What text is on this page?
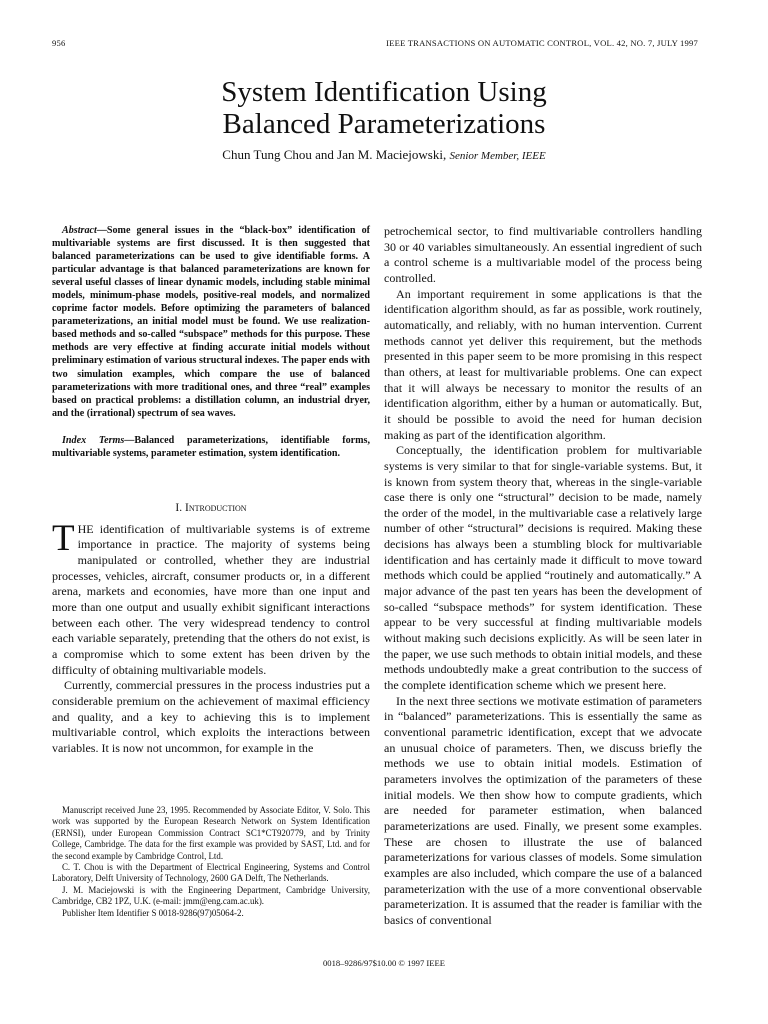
956	IEEE TRANSACTIONS ON AUTOMATIC CONTROL, VOL. 42, NO. 7, JULY 1997
System Identification Using
Balanced Parameterizations
Chun Tung Chou and Jan M. Maciejowski, Senior Member, IEEE

Abstract—Some general issues in the “black-box” identification of multivariable systems are first discussed. It is then suggested that balanced parameterizations can be used to give identifiable forms. A particular advantage is that balanced parameterizations are known for several useful classes of linear dynamic models, including stable minimal models, minimum-phase models, positive-real models, and normalized coprime factor models. Before optimizing the parameters of balanced parameterizations, an initial model must be found. We use realization-based methods and so-called “subspace” methods for this purpose. These methods are very effective at finding accurate initial models without preliminary estimation of various structural indexes. The paper ends with two simulation examples, which compare the use of balanced parameterizations with more traditional ones, and three “real” examples based on practical problems: a distillation column, an industrial dryer, and the (irrational) spectrum of sea waves.

Index Terms—Balanced parameterizations, identifiable forms, multivariable systems, parameter estimation, system identification.

I. Introduction

THE identification of multivariable systems is of extreme importance in practice. The majority of systems being manipulated or controlled, whether they are industrial processes, vehicles, aircraft, consumer products or, in a different arena, markets and economies, have more than one input and more than one output and usually exhibit significant interactions between each other. The very widespread tendency to control each variable separately, pretending that the others do not exist, is a compromise which to some extent has been driven by the difficulty of obtaining multivariable models.

Currently, commercial pressures in the process industries put a considerable premium on the achievement of maximal efficiency and quality, and a key to achieving this is to implement multivariable control, which exploits the interactions between variables. It is now not uncommon, for example in the

petrochemical sector, to find multivariable controllers handling 30 or 40 variables simultaneously. An essential ingredient of such a control scheme is a multivariable model of the process being controlled.

An important requirement in some applications is that the identification algorithm should, as far as possible, work routinely, automatically, and reliably, with no human intervention. Current methods cannot yet deliver this requirement, but the methods presented in this paper seem to be more promising in this respect than others, at least for multivariable problems. One can expect that it will always be necessary to monitor the results of an identification algorithm, either by a human or automatically. But, it should be possible to avoid the need for human decision making as part of the identification algorithm.

Conceptually, the identification problem for multivariable systems is very similar to that for single-variable systems. But, it is known from system theory that, whereas in the single-variable case there is only one “structural” decision to be made, namely the order of the model, in the multivariable case a relatively large number of other “structural” decisions is required. Making these decisions has always been a stumbling block for multivariable identification and has certainly made it difficult to move toward methods which could be applied “routinely and automatically.” A major advance of the past ten years has been the development of so-called “subspace methods” for system identification. These appear to be very successful at finding multivariable models without making such decisions explicitly. As will be seen later in the paper, we use such methods to obtain initial models, and these methods undoubtedly make a great contribution to the success of the complete identification scheme which we present here.

In the next three sections we motivate estimation of parameters in “balanced” parameterizations. This is essentially the same as conventional parametric identification, except that we advocate an unusual choice of parameters. Then, we discuss briefly the methods we use to obtain initial models. Estimation of parameters involves the optimization of the parameters of these initial models. We then show how to compute gradients, which are needed for parameter estimation, when balanced parameterizations are used. Finally, we present some examples. These are chosen to illustrate the use of balanced parameterizations for various classes of models. Some simulation examples are also included, which compare the use of a balanced parameterization with the use of a more conventional observable parameterization. It is assumed that the reader is familiar with the basics of conventional

Manuscript received June 23, 1995. Recommended by Associate Editor, V. Solo. This work was supported by the European Research Network on System Identification (ERNSI), under European Commission Contract SC1*CT920779, and by Trinity College, Cambridge. The data for the first example was provided by SAST, Ltd. and for the second example by Cambridge Control, Ltd.

C. T. Chou is with the Department of Electrical Engineering, Systems and Control Laboratory, Delft University of Technology, 2600 GA Delft, The Netherlands.

J. M. Maciejowski is with the Engineering Department, Cambridge University, Cambridge, CB2 1PZ, U.K. (e-mail: jmm@eng.cam.ac.uk).

Publisher Item Identifier S 0018-9286(97)05064-2.

0018–9286/97$10.00 © 1997 IEEE
